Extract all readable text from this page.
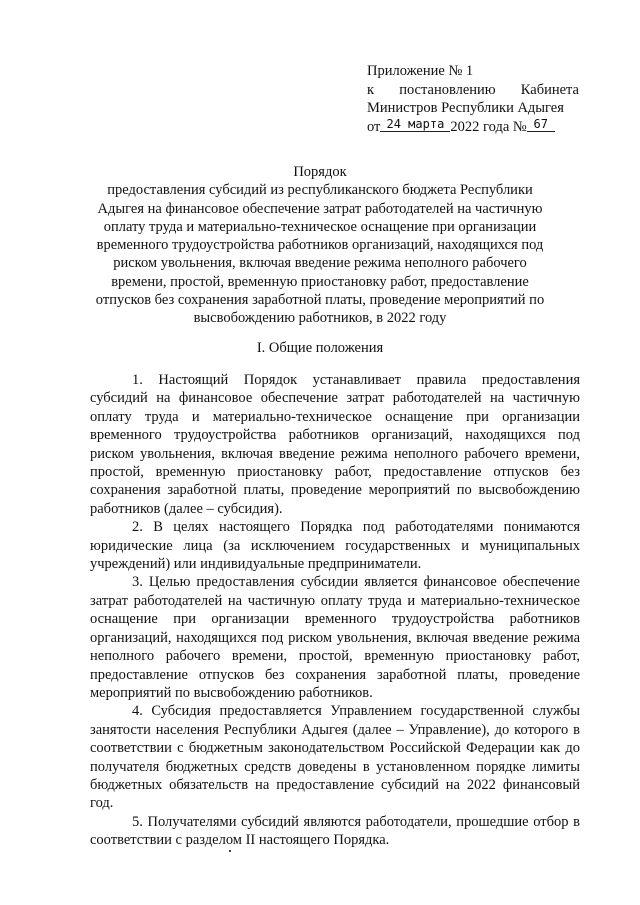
Приложение № 1
к постановлению Кабинета
Министров Республики Адыгея
от 24 марта 2022 года № 67
Порядок
предоставления субсидий из республиканского бюджета Республики Адыгея на финансовое обеспечение затрат работодателей на частичную оплату труда и материально-техническое оснащение при организации временного трудоустройства работников организаций, находящихся под риском увольнения, включая введение режима неполного рабочего времени, простой, временную приостановку работ, предоставление отпусков без сохранения заработной платы, проведение мероприятий по высвобождению работников, в 2022 году
I. Общие положения

1. Настоящий Порядок устанавливает правила предоставления субсидий на финансовое обеспечение затрат работодателей на частичную оплату труда и материально-техническое оснащение при организации временного трудоустройства работников организаций, находящихся под риском увольнения, включая введение режима неполного рабочего времени, простой, временную приостановку работ, предоставление отпусков без сохранения заработной платы, проведение мероприятий по высвобождению работников (далее – субсидия).

2. В целях настоящего Порядка под работодателями понимаются юридические лица (за исключением государственных и муниципальных учреждений) или индивидуальные предприниматели.

3. Целью предоставления субсидии является финансовое обеспечение затрат работодателей на частичную оплату труда и материально-техническое оснащение при организации временного трудоустройства работников организаций, находящихся под риском увольнения, включая введение режима неполного рабочего времени, простой, временную приостановку работ, предоставление отпусков без сохранения заработной платы, проведение мероприятий по высвобождению работников.

4. Субсидия предоставляется Управлением государственной службы занятости населения Республики Адыгея (далее – Управление), до которого в соответствии с бюджетным законодательством Российской Федерации как до получателя бюджетных средств доведены в установленном порядке лимиты бюджетных обязательств на предоставление субсидий на 2022 финансовый год.

5. Получателями субсидий являются работодатели, прошедшие отбор в соответствии с разделом II настоящего Порядка.
